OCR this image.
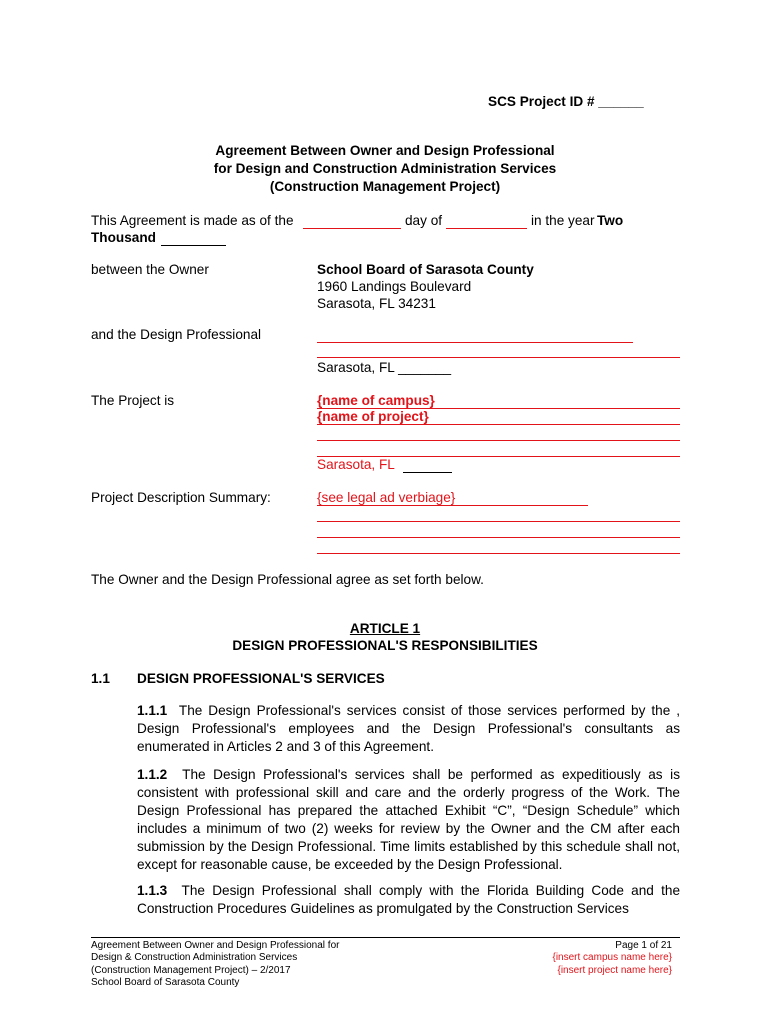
SCS Project ID # ______
Agreement Between Owner and Design Professional
for Design and Construction Administration Services
(Construction Management Project)
This Agreement is made as of the	day of	in the year Two
Thousand
between the Owner	School Board of Sarasota County
1960 Landings Boulevard
Sarasota, FL 34231
and the Design Professional
Sarasota, FL _______
The Project is	{name of campus}
{name of project}
Sarasota, FL
Project Description Summary:	{see legal ad verbiage}
The Owner and the Design Professional agree as set forth below.
ARTICLE 1
DESIGN PROFESSIONAL'S RESPONSIBILITIES
1.1 DESIGN PROFESSIONAL'S SERVICES
1.1.1 The Design Professional's services consist of those services performed by the , Design Professional's employees and the Design Professional's consultants as enumerated in Articles 2 and 3 of this Agreement.
1.1.2 The Design Professional's services shall be performed as expeditiously as is consistent with professional skill and care and the orderly progress of the Work. The Design Professional has prepared the attached Exhibit “C”, “Design Schedule” which includes a minimum of two (2) weeks for review by the Owner and the CM after each submission by the Design Professional. Time limits established by this schedule shall not, except for reasonable cause, be exceeded by the Design Professional.
1.1.3 The Design Professional shall comply with the Florida Building Code and the Construction Procedures Guidelines as promulgated by the Construction Services
Agreement Between Owner and Design Professional for
Design & Construction Administration Services
(Construction Management Project) – 2/2017
School Board of Sarasota County
Page 1 of 21
{insert campus name here}
{insert project name here}
